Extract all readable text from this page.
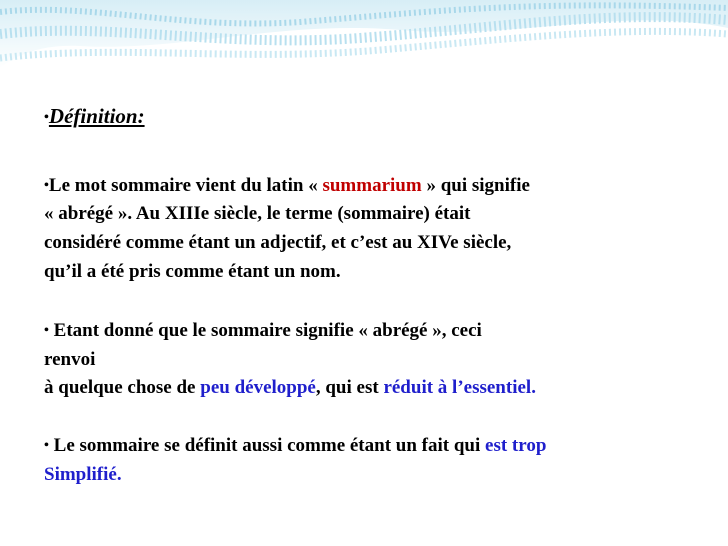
•Définition:
•Le mot sommaire vient du latin « summarium » qui signifie
« abrégé ». Au XIIIe siècle, le terme (sommaire) était
considéré comme étant un adjectif, et c’est au XIVe siècle,
qu’il a été pris comme étant un nom.
• Etant donné que le sommaire signifie « abrégé », ceci
renvoi
à quelque chose de peu développé, qui est réduit à l’essentiel.
• Le sommaire se définit aussi comme étant un fait qui est trop
Simplifié.
